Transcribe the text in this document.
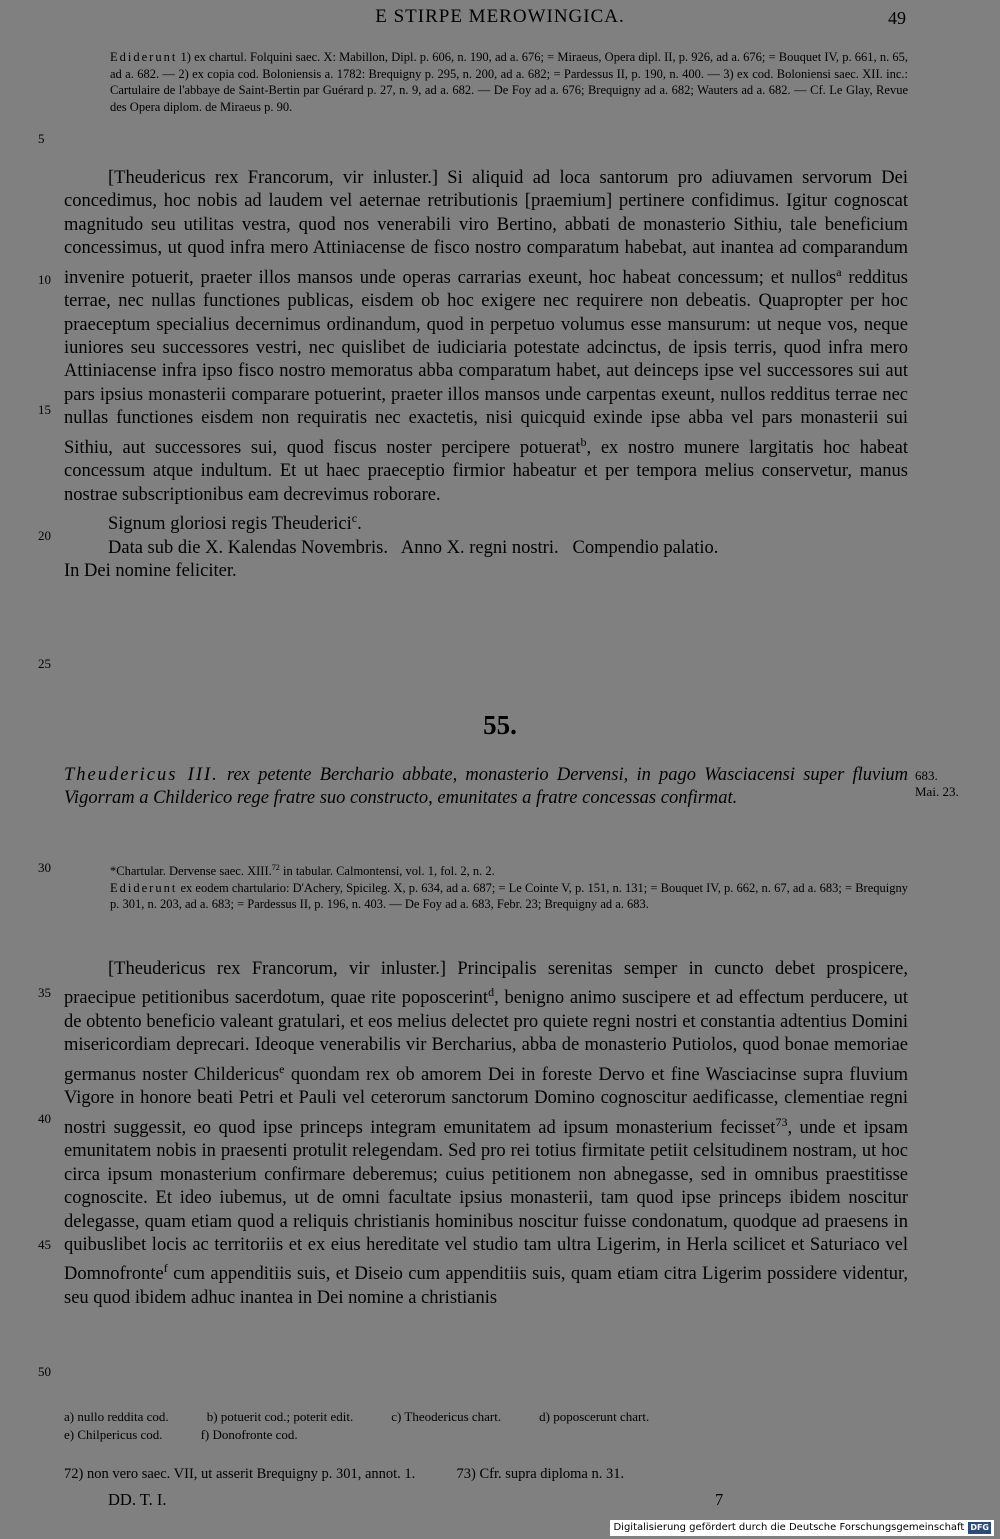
E STIRPE MEROWINGICA.	49
Ediderunt 1) ex chartul. Folquini saec. X: Mabillon, Dipl. p. 606, n. 190, ad a. 676; = Miraeus, Opera dipl. II, p. 926, ad a. 676; = Bouquet IV, p. 661, n. 65, ad a. 682. — 2) ex copia cod. Boloniensis a. 1782: Brequigny p. 295, n. 200, ad a. 682; = Pardessus II, p. 190, n. 400. — 3) ex cod. Boloniensi saec. XII. inc.: Cartulaire de l'abbaye de Saint-Bertin par Guérard p. 27, n. 9, ad a. 682. — De Foy ad a. 676; Brequigny ad a. 682; Wauters ad a. 682. — Cf. Le Glay, Revue des Opera diplom. de Miraeus p. 90.
5
10
15
20
25

[Theudericus rex Francorum, vir inluster.] Si aliquid ad loca santorum pro adiuvamen servorum Dei concedimus, hoc nobis ad laudem vel aeternae retributionis [praemium] pertinere confidimus. Igitur cognoscat magnitudo seu utilitas vestra, quod nos venerabili viro Bertino, abbati de monasterio Sithiu, tale beneficium concessimus, ut quod infra mero Attiniacense de fisco nostro comparatum habebat, aut inantea ad comparandum invenire potuerit, praeter illos mansos unde operas carrarias exeunt, hoc habeat concessum; et nullos$^a$ redditus terrae, nec nullas functiones publicas, eisdem ob hoc exigere nec requirere non debeatis. Quapropter per hoc praeceptum specialius decernimus ordinandum, quod in perpetuo volumus esse mansurum: ut neque vos, neque iuniores seu successores vestri, nec quislibet de iudiciaria potestate adcinctus, de ipsis terris, quod infra mero Attiniacense infra ipso fisco nostro memoratus abba comparatum habet, aut deinceps ipse vel successores sui aut pars ipsius monasterii comparare potuerint, praeter illos mansos unde carpentas exeunt, nullos redditus terrae nec nullas functiones eisdem non requiratis nec exactetis, nisi quicquid exinde ipse abba vel pars monasterii sui Sithiu, aut successores sui, quod fiscus noster percipere potuerat$^b$, ex nostro munere largitatis hoc habeat concessum atque indultum. Et ut haec praeceptio firmior habeatur et per tempora melius conservetur, manus nostrae subscriptionibus eam decrevimus roborare.

Signum gloriosi regis Theuderici$^c$.

Data sub die X. Kalendas Novembris.   Anno X. regni nostri.   Compendio palatio.

In Dei nomine feliciter.

55.
Theudericus III. rex petente Berchario abbate, monasterio Dervensi, in pago Wasciacensi super fluvium Vigorram a Childerico rege fratre suo constructo, emunitates a fratre concessas confirmat.
683.
Mai. 23.
30	*Chartular. Dervense saec. XIII.$^{72}$ in tabular. Calmontensi, vol. 1, fol. 2, n. 2.
Ediderunt ex eodem chartulario: D'Achery, Spicileg. X, p. 634, ad a. 687; = Le Cointe V, p. 151, n. 131; = Bouquet IV, p. 662, n. 67, ad a. 683; = Brequigny p. 301, n. 203, ad a. 683; = Pardessus II, p. 196, n. 403. — De Foy ad a. 683, Febr. 23; Brequigny ad a. 683.
35
40
45
50

[Theudericus rex Francorum, vir inluster.] Principalis serenitas semper in cuncto debet prospicere, praecipue petitionibus sacerdotum, quae rite poposcerint$^d$, benigno animo suscipere et ad effectum perducere, ut de obtento beneficio valeant gratulari, et eos melius delectet pro quiete regni nostri et constantia adtentius Domini misericordiam deprecari. Ideoque venerabilis vir Bercharius, abba de monasterio Putiolos, quod bonae memoriae germanus noster Childericus$^e$ quondam rex ob amorem Dei in foreste Dervo et fine Wasciacinse supra fluvium Vigore in honore beati Petri et Pauli vel ceterorum sanctorum Domino cognoscitur aedificasse, clementiae regni nostri suggessit, eo quod ipse princeps integram emunitatem ad ipsum monasterium fecisset$^{73}$, unde et ipsam emunitatem nobis in praesenti protulit relegendam. Sed pro rei totius firmitate petiit celsitudinem nostram, ut hoc circa ipsum monasterium confirmare deberemus; cuius petitionem non abnegasse, sed in omnibus praestitisse cognoscite. Et ideo iubemus, ut de omni facultate ipsius monasterii, tam quod ipse princeps ibidem noscitur delegasse, quam etiam quod a reliquis christianis hominibus noscitur fuisse condonatum, quodque ad praesens in quibuslibet locis ac territoriis et ex eius hereditate vel studio tam ultra Ligerim, in Herla scilicet et Saturiaco vel Domnofronte$^f$ cum appenditiis suis, et Diseio cum appenditiis suis, quam etiam citra Ligerim possidere videntur, seu quod ibidem adhuc inantea in Dei nomine a christianis

a) nullo reddita cod.	b) potuerit cod.; poterit edit.	c) Theodericus chart.	d) poposcerunt chart.
e) Chilpericus cod.	f) Donofronte cod.
72) non vero saec. VII, ut asserit Brequigny p. 301, annot. 1.	73) Cfr. supra diploma n. 31.
DD. T. I.	7
Digitalisierung gefördert durch die Deutsche Forschungsgemeinschaft DFG
